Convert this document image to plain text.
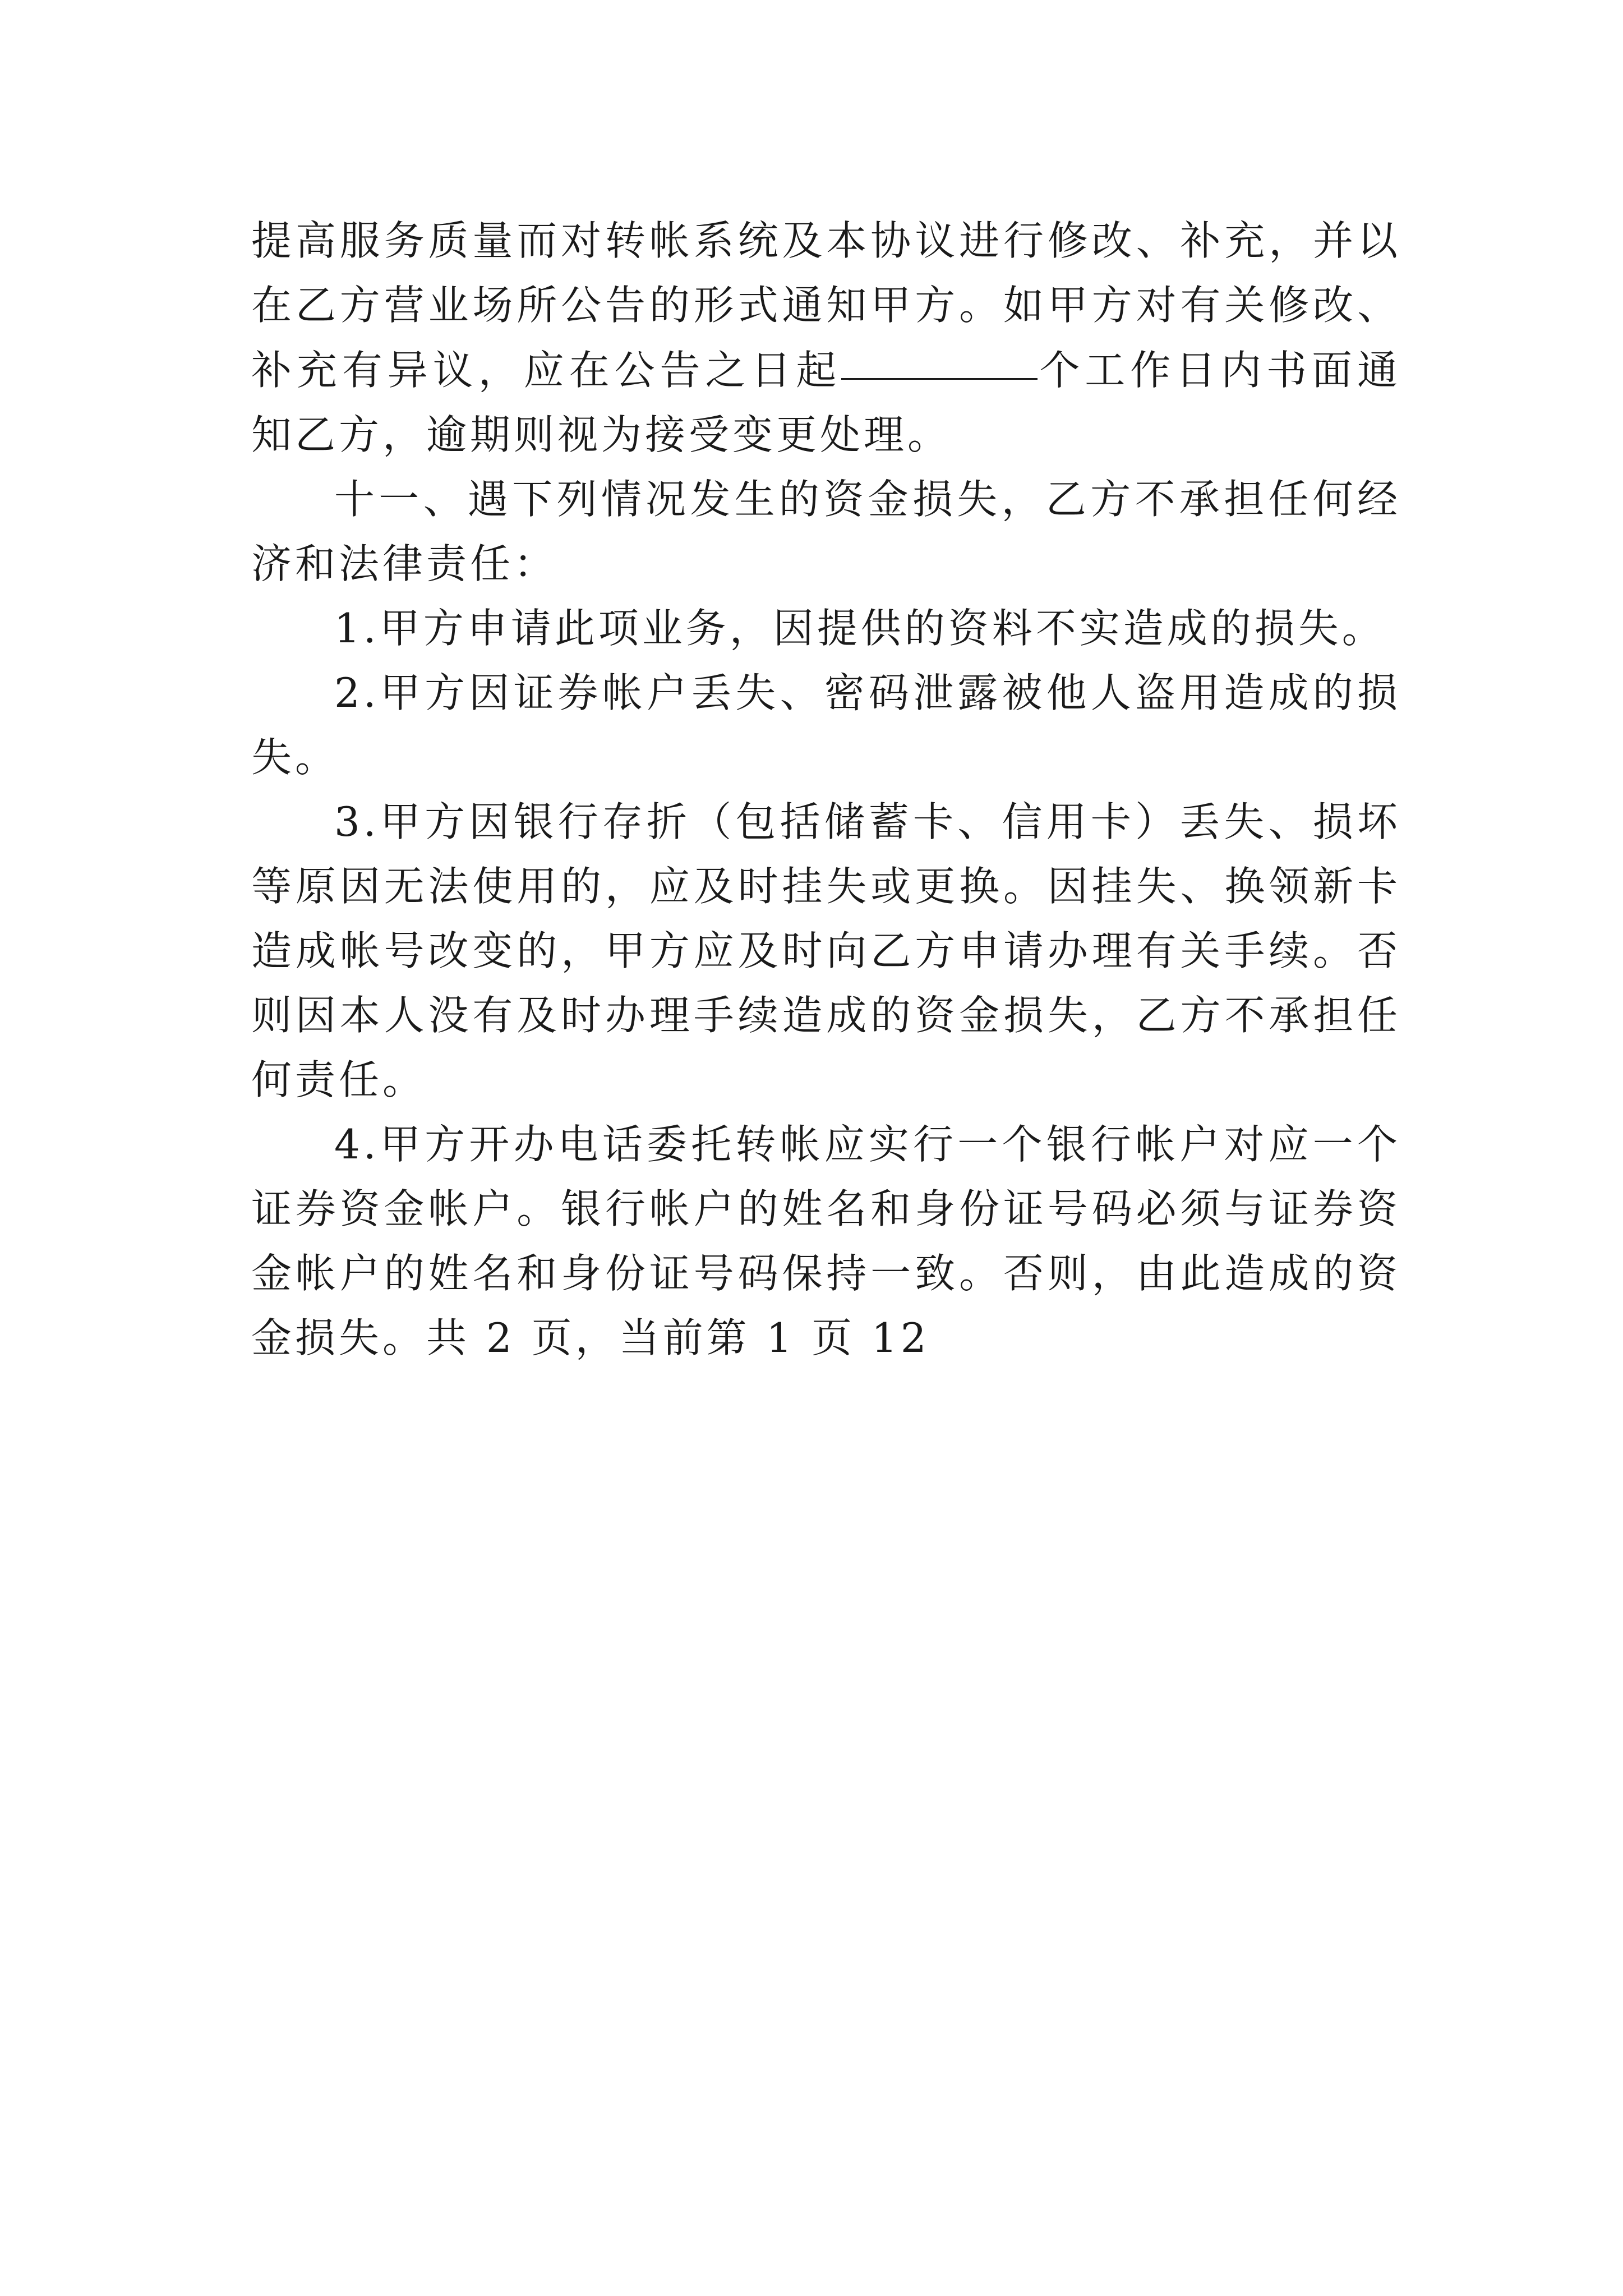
提高服务质量而对转帐系统及本协议进行修改、补充，并以在乙方营业场所公告的形式通知甲方。如甲方对有关修改、补充有异议，应在公告之日起	个工作日内书面通知乙方，逾期则视为接受变更处理。

十一、遇下列情况发生的资金损失，乙方不承担任何经济和法律责任：

1.甲方申请此项业务，因提供的资料不实造成的损失。

2.甲方因证券帐户丢失、密码泄露被他人盗用造成的损失。

3.甲方因银行存折（包括储蓄卡、信用卡）丢失、损坏等原因无法使用的，应及时挂失或更换。因挂失、换领新卡造成帐号改变的，甲方应及时向乙方申请办理有关手续。否则因本人没有及时办理手续造成的资金损失，乙方不承担任何责任。

4.甲方开办电话委托转帐应实行一个银行帐户对应一个证券资金帐户。银行帐户的姓名和身份证号码必须与证券资金帐户的姓名和身份证号码保持一致。否则，由此造成的资金损失。共 2 页，当前第 1 页 12
